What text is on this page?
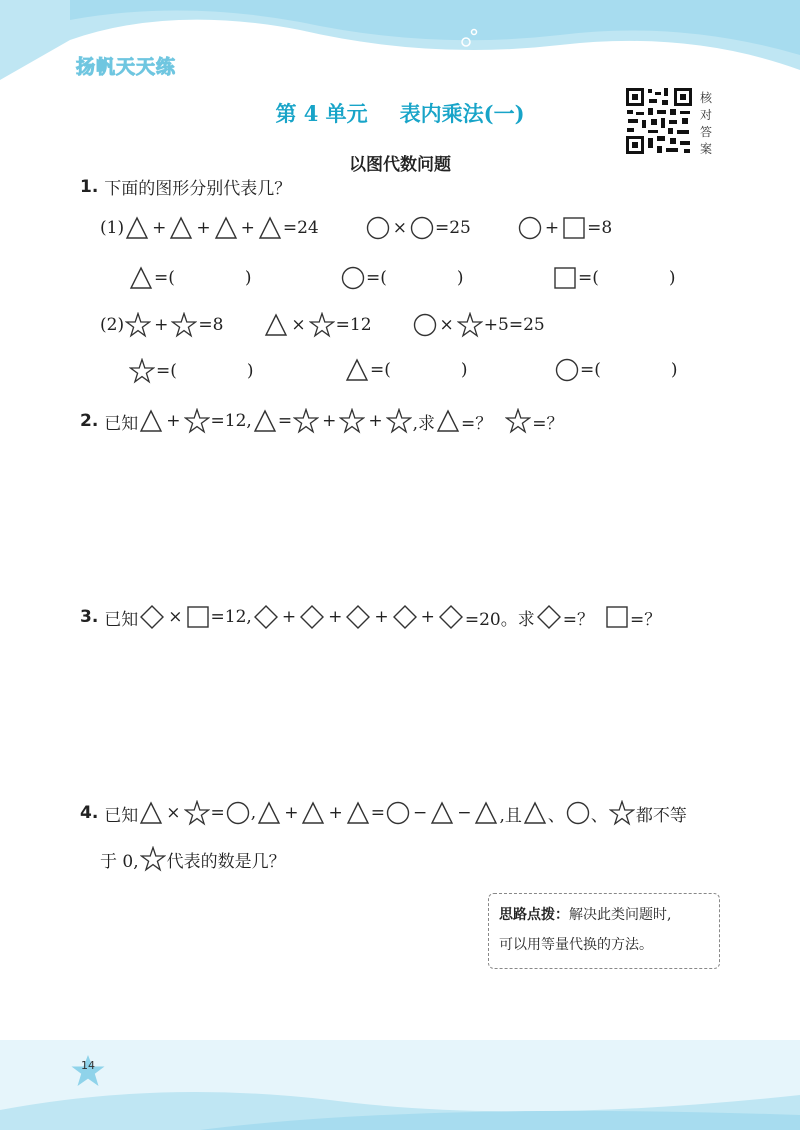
扬帆天天练
第 4 单元 表内乘法(一)
核对答案
以图代数问题
1. 下面的图形分别代表几？
(1) + + + =24	× =25	+ =8
=(	)	=(	)	=(	)
(2) + =8	× =12	× +5=25
=(	)	=(	)	=(	)
2. 已知 + =12, = + + ,求 =？ =？
3. 已知 × =12, + + + + =20。求 =？ =？
4. 已知 × = , + + = − − ,且 、 、 都不等
于 0, 代表的数是几？
思路点拨：解决此类问题时,
可以用等量代换的方法。
14
